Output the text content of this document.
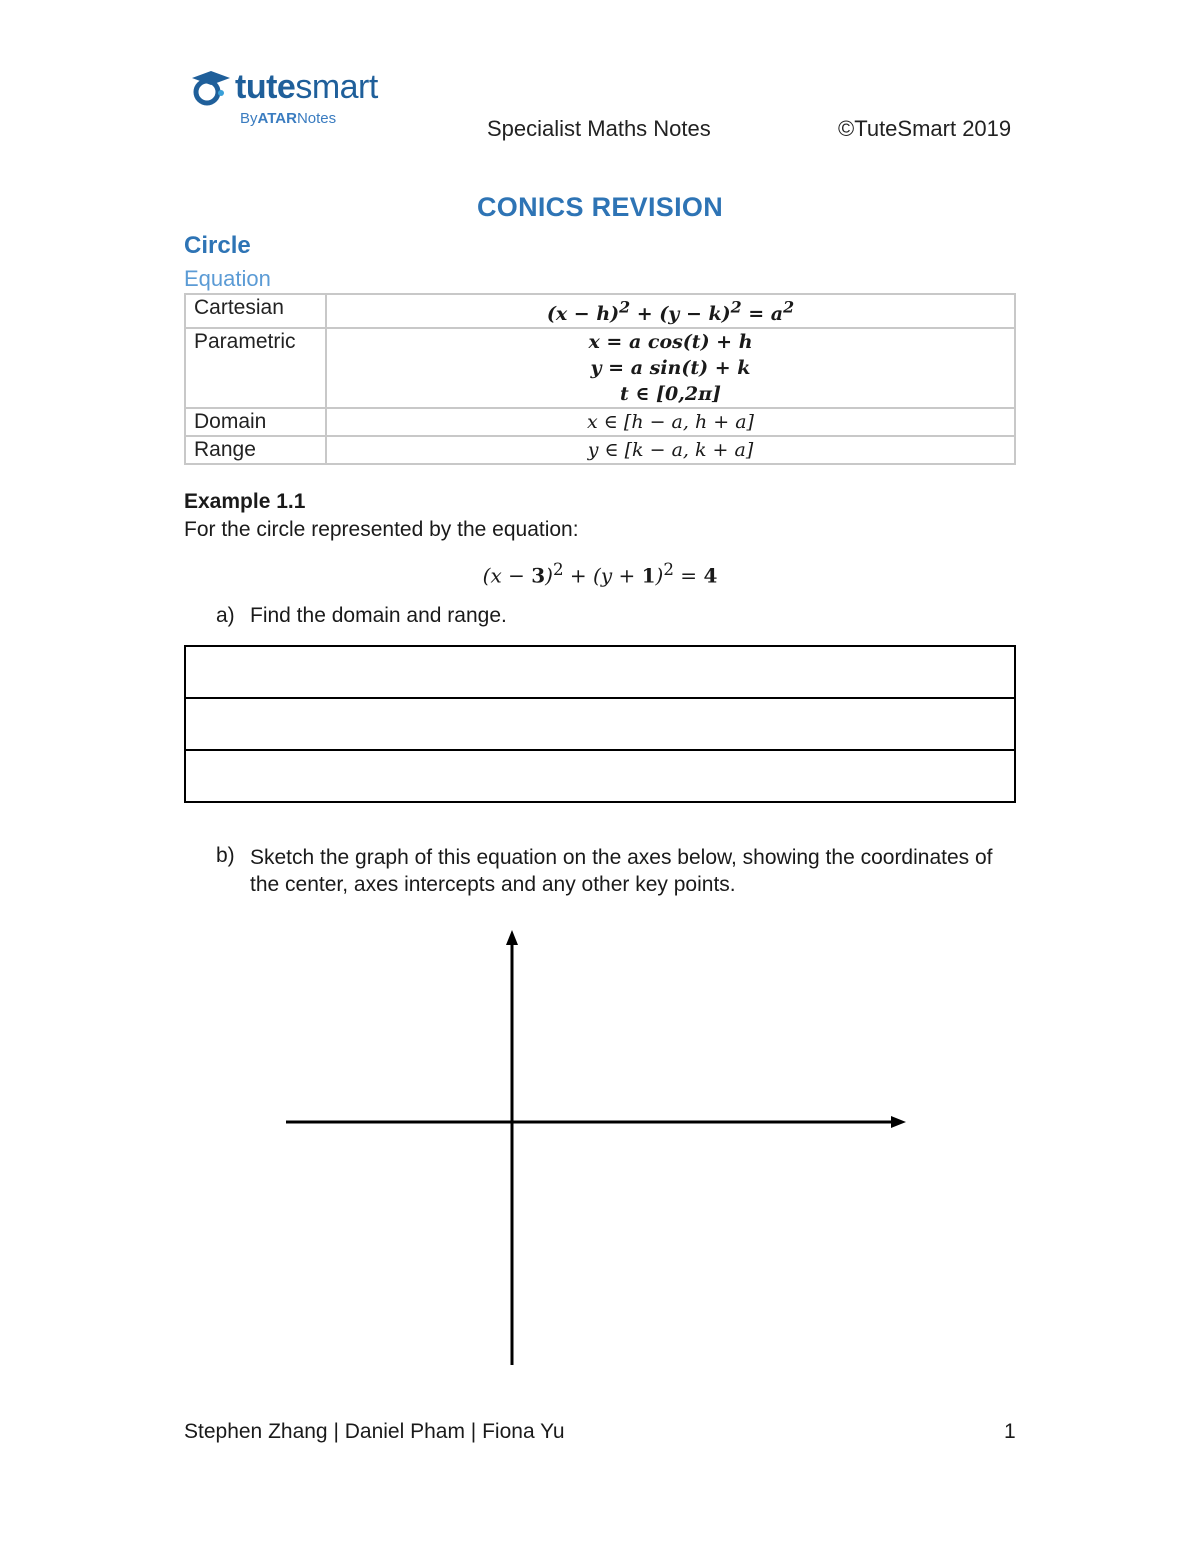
tutesmart
ByATARNotes	Specialist Maths Notes	©TuteSmart 2019
CONICS REVISION
Circle
Equation
Cartesian	$(x - h)^2 + (y - k)^2 = a^2$
Parametric	x = a cos(t) + h
y = a sin(t) + k
t ∈ [0,2π]

Domain	x ∈ [h − a, h + a]
Range	y ∈ [k − a, k + a]
Example 1.1
For the circle represented by the equation:
$(x - 3)^2 + (y + 1)^2 = 4$
a) Find the domain and range.

b) Sketch the graph of this equation on the axes below, showing the coordinates of the center, axes intercepts and any other key points.
Stephen Zhang | Daniel Pham | Fiona Yu	1
